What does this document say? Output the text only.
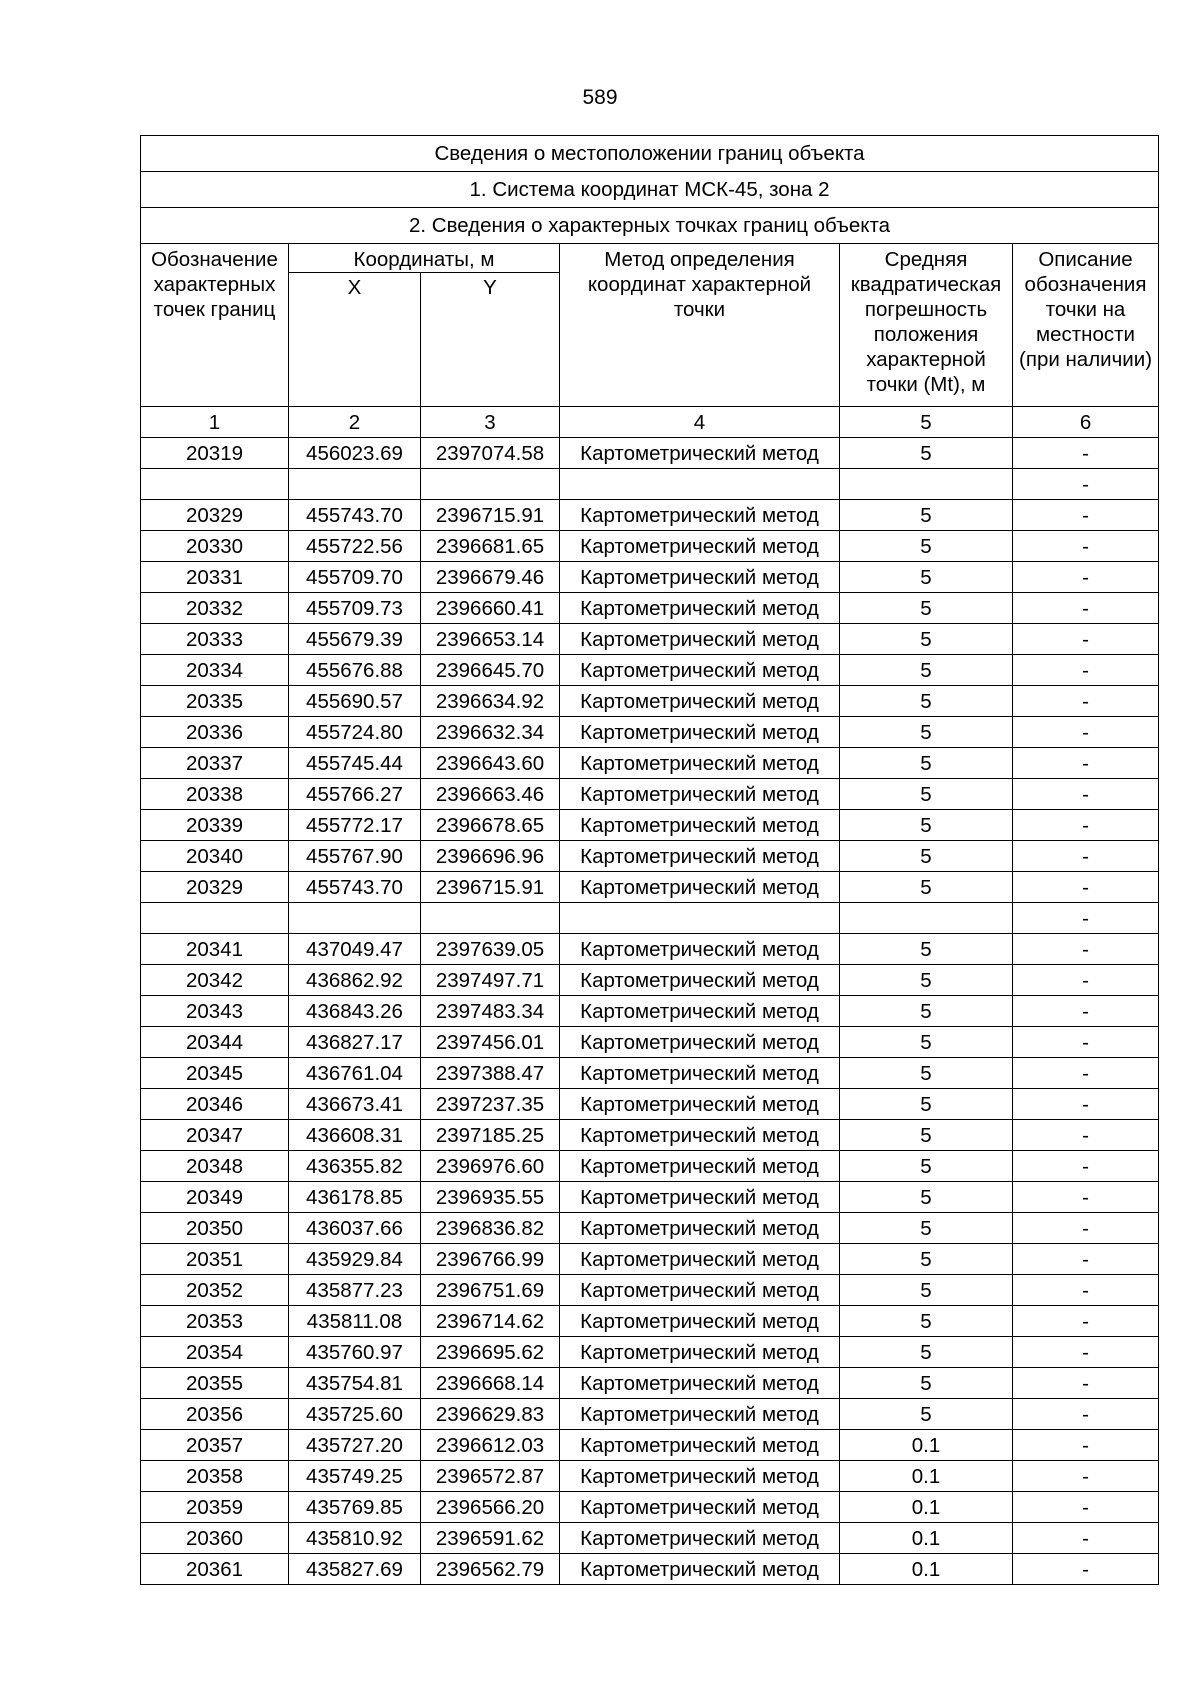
589
Сведения о местоположении границ объекта					
1. Система координат МСК-45, зона 2					
2. Сведения о характерных точках границ объекта					
Обозначение характерных точек границ	Координаты, м		Метод определения координат характерной точки	Средняя квадратическая погрешность положения характерной точки (Mt), м	Описание обозначения точки на местности (при наличии)
	X	Y			
1	2	3	4	5	6
20319	456023.69	2397074.58	Картометрический метод	5	-
					-
20329	455743.70	2396715.91	Картометрический метод	5	-
20330	455722.56	2396681.65	Картометрический метод	5	-
20331	455709.70	2396679.46	Картометрический метод	5	-
20332	455709.73	2396660.41	Картометрический метод	5	-
20333	455679.39	2396653.14	Картометрический метод	5	-
20334	455676.88	2396645.70	Картометрический метод	5	-
20335	455690.57	2396634.92	Картометрический метод	5	-
20336	455724.80	2396632.34	Картометрический метод	5	-
20337	455745.44	2396643.60	Картометрический метод	5	-
20338	455766.27	2396663.46	Картометрический метод	5	-
20339	455772.17	2396678.65	Картометрический метод	5	-
20340	455767.90	2396696.96	Картометрический метод	5	-
20329	455743.70	2396715.91	Картометрический метод	5	-
					-
20341	437049.47	2397639.05	Картометрический метод	5	-
20342	436862.92	2397497.71	Картометрический метод	5	-
20343	436843.26	2397483.34	Картометрический метод	5	-
20344	436827.17	2397456.01	Картометрический метод	5	-
20345	436761.04	2397388.47	Картометрический метод	5	-
20346	436673.41	2397237.35	Картометрический метод	5	-
20347	436608.31	2397185.25	Картометрический метод	5	-
20348	436355.82	2396976.60	Картометрический метод	5	-
20349	436178.85	2396935.55	Картометрический метод	5	-
20350	436037.66	2396836.82	Картометрический метод	5	-
20351	435929.84	2396766.99	Картометрический метод	5	-
20352	435877.23	2396751.69	Картометрический метод	5	-
20353	435811.08	2396714.62	Картометрический метод	5	-
20354	435760.97	2396695.62	Картометрический метод	5	-
20355	435754.81	2396668.14	Картометрический метод	5	-
20356	435725.60	2396629.83	Картометрический метод	5	-
20357	435727.20	2396612.03	Картометрический метод	0.1	-
20358	435749.25	2396572.87	Картометрический метод	0.1	-
20359	435769.85	2396566.20	Картометрический метод	0.1	-
20360	435810.92	2396591.62	Картометрический метод	0.1	-
20361	435827.69	2396562.79	Картометрический метод	0.1	-
